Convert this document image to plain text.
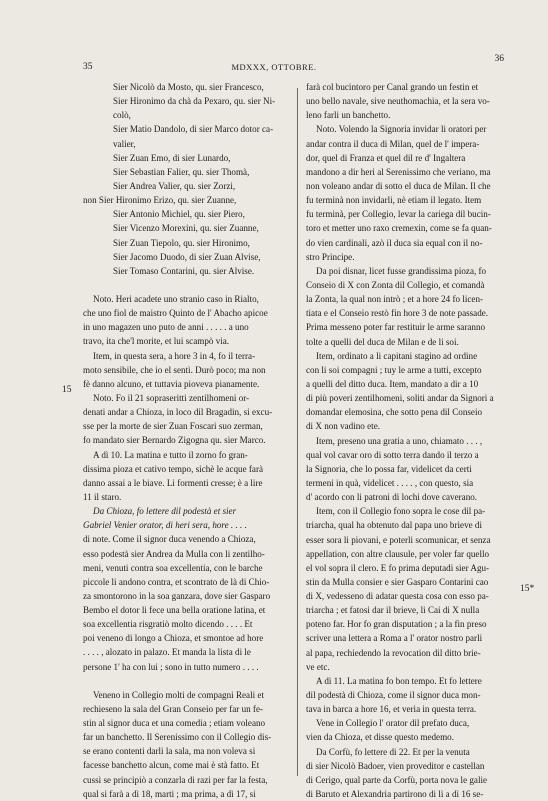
35	MDXXX, OTTOBRE.
36
15
15*
Sier Nicolò da Mosto, qu. sier Francesco,
Sier Hironimo da chà da Pexaro, qu. sier Ni-
colò,
Sier Matio Dandolo, di sier Marco dotor ca-
valier,
Sier Zuan Emo, di sier Lunardo,
Sier Sebastian Falier, qu. sier Thomà,
Sier Andrea Valier, qu. sier Zorzi,
non Sier Hironimo Erizo, qu. sier Zuanne,
Sier Antonio Michiel, qu. sier Piero,
Sier Vicenzo Morexini, qu. sier Zuanne,
Sier Zuan Tiepolo, qu. sier Hironimo,
Sier Jacomo Duodo, di sier Zuan Alvise,
Sier Tomaso Contarini, qu. sier Alvise.
Noto. Heri acadete uno stranio caso in Rialto,
che uno fiol de maistro Quinto de l' Abacho apicoe
in uno magazen uno puto de anni . . . . . a uno
travo, ita che'l morite, et lui scampò via.
Item, in questa sera, a hore 3 in 4, fo il terra-
moto sensibile, che io el sentì. Durò poco; ma non
fè danno alcuno, et tuttavia pioveva pianamente.
Noto. Fo il 21 sopraseritti zentilhomeni or-
denati andar a Chioza, in loco dil Bragadin, si excu-
sse per la morte de sier Zuan Foscari suo zerman,
fo mandato sier Bernardo Zigogna qu. sier Marco.
A dì 10. La matina e tutto il zorno fo gran-
dissima pioza et cativo tempo, sichè le acque farà
danno assai a le biave. Li formenti cresse; è a lire
11 il staro.
Da Chioza, fo lettere dil podestà et sier
Gabriel Venier orator, di heri sera, hore . . . .
di note. Come il signor duca venendo a Chioza,
esso podestà sier Andrea da Mulla con li zentilho-
meni, venuti contra soa excellentia, con le barche
piccole li andono contra, et scontrato de là di Chio-
za smontorono in la soa ganzara, dove sier Gasparo
Bembo el dotor li fece una bella oratione latina, et
soa excellentia risgratiò molto dicendo . . . . Et
poi veneno di longo a Chioza, et smontoe ad hore
. . . . , alozato in palazo. Et manda la lista di le
persone 1' ha con lui ; sono in tutto numero . . . .
Veneno in Collegio molti de compagni Reali et
rechieseno la sala del Gran Conseio per far un fe-
stin al signor duca et una comedia ; etiam voleano
far un banchetto. Il Serenissimo con il Collegio dis-
se erano contenti darli la sala, ma non voleva si
facesse banchetto alcun, come mai è stà fatto. Et
cussì se principiò a conzarla di razi per far la festa,
qual si farà a dì 18, marti ; ma prima, a dì 17, si
farà col bucintoro per Canal grando un festin et
uno bello navale, sive neuthomachia, et la sera vo-
leno farli un banchetto.
Noto. Volendo la Signoria invidar li oratori per
andar contra il duca di Milan, quel de l' impera-
dor, quel di Franza et quel dil re d' Ingaltera
mandono a dir heri al Serenissimo che veriano, ma
non voleano andar di sotto el duca de Milan. Il che
fu terminà non invidarli, nè etiam il legato. Item
fu terminà, per Collegio, levar la cariega dil bucin-
toro et metter uno raxo cremexin, come se fa quan-
do vien cardinali, azò il duca sia equal con il no-
stro Principe.
Da poi disnar, licet fusse grandissima pioza, fo
Conseio di X con Zonta dil Collegio, et comandà
la Zonta, la qual non intrò ; et a hore 24 fo licen-
tiata e el Conseio restò fin hore 3 de note passade.
Prima messeno poter far restituir le arme saranno
tolte a quelli del duca de Milan e de li soi.
Item, ordinato a li capitani stagino ad ordine
con li soi compagni ; tuy le arme a tutti, excepto
a quelli del ditto duca. Item, mandato a dir a 10
di più poveri zentilhomeni, soliti andar da Signori a
domandar elemosina, che sotto pena dil Conseio
di X non vadino ete.
Item, preseno una gratia a uno, chiamato . . . ,
qual vol cavar oro di sotto terra dando il terzo a
la Signoria, che lo possa far, videlicet da certi
termeni in quà, videlicet . . . . , con questo, sia
d' acordo con li patroni di lochi dove caverano.
Item, con il Collegio fono sopra le cose dil pa-
triarcha, qual ha obtenuto dal papa uno brieve di
esser sora li piovani, e poterli scomunicar, et senza
appellation, con altre clausule, per voler far quello
el vol sopra il clero. E fo prima deputadi sier Agu-
stin da Mulla consier e sier Gasparo Contarini cao
di X, vedesseno di adatar questa cosa con esso pa-
triarcha ; et fatosi dar il brieve, li Cai di X nulla
poteno far. Hor fo gran disputation ; a la fin preso
scriver una lettera a Roma a l' orator nostro parli
al papa, rechiedendo la revocation dil ditto brie-
ve etc.
A dì 11. La matina fo bon tempo. Et fo lettere
dil podestà di Chioza, come il signor duca mon-
tava in barca a hore 16, et veria in questa terra.
Vene in Collegio l' orator dil prefato duca,
vien da Chioza, et disse questo medemo.
Da Corfù, fo lettere di 22. Et per la venuta
di sier Nicolò Badoer, vien proveditor e castellan
di Cerigo, qual parte da Corfù, porta nova le galie
di Baruto et Alexandria partirono di lì a dì 16 se-
